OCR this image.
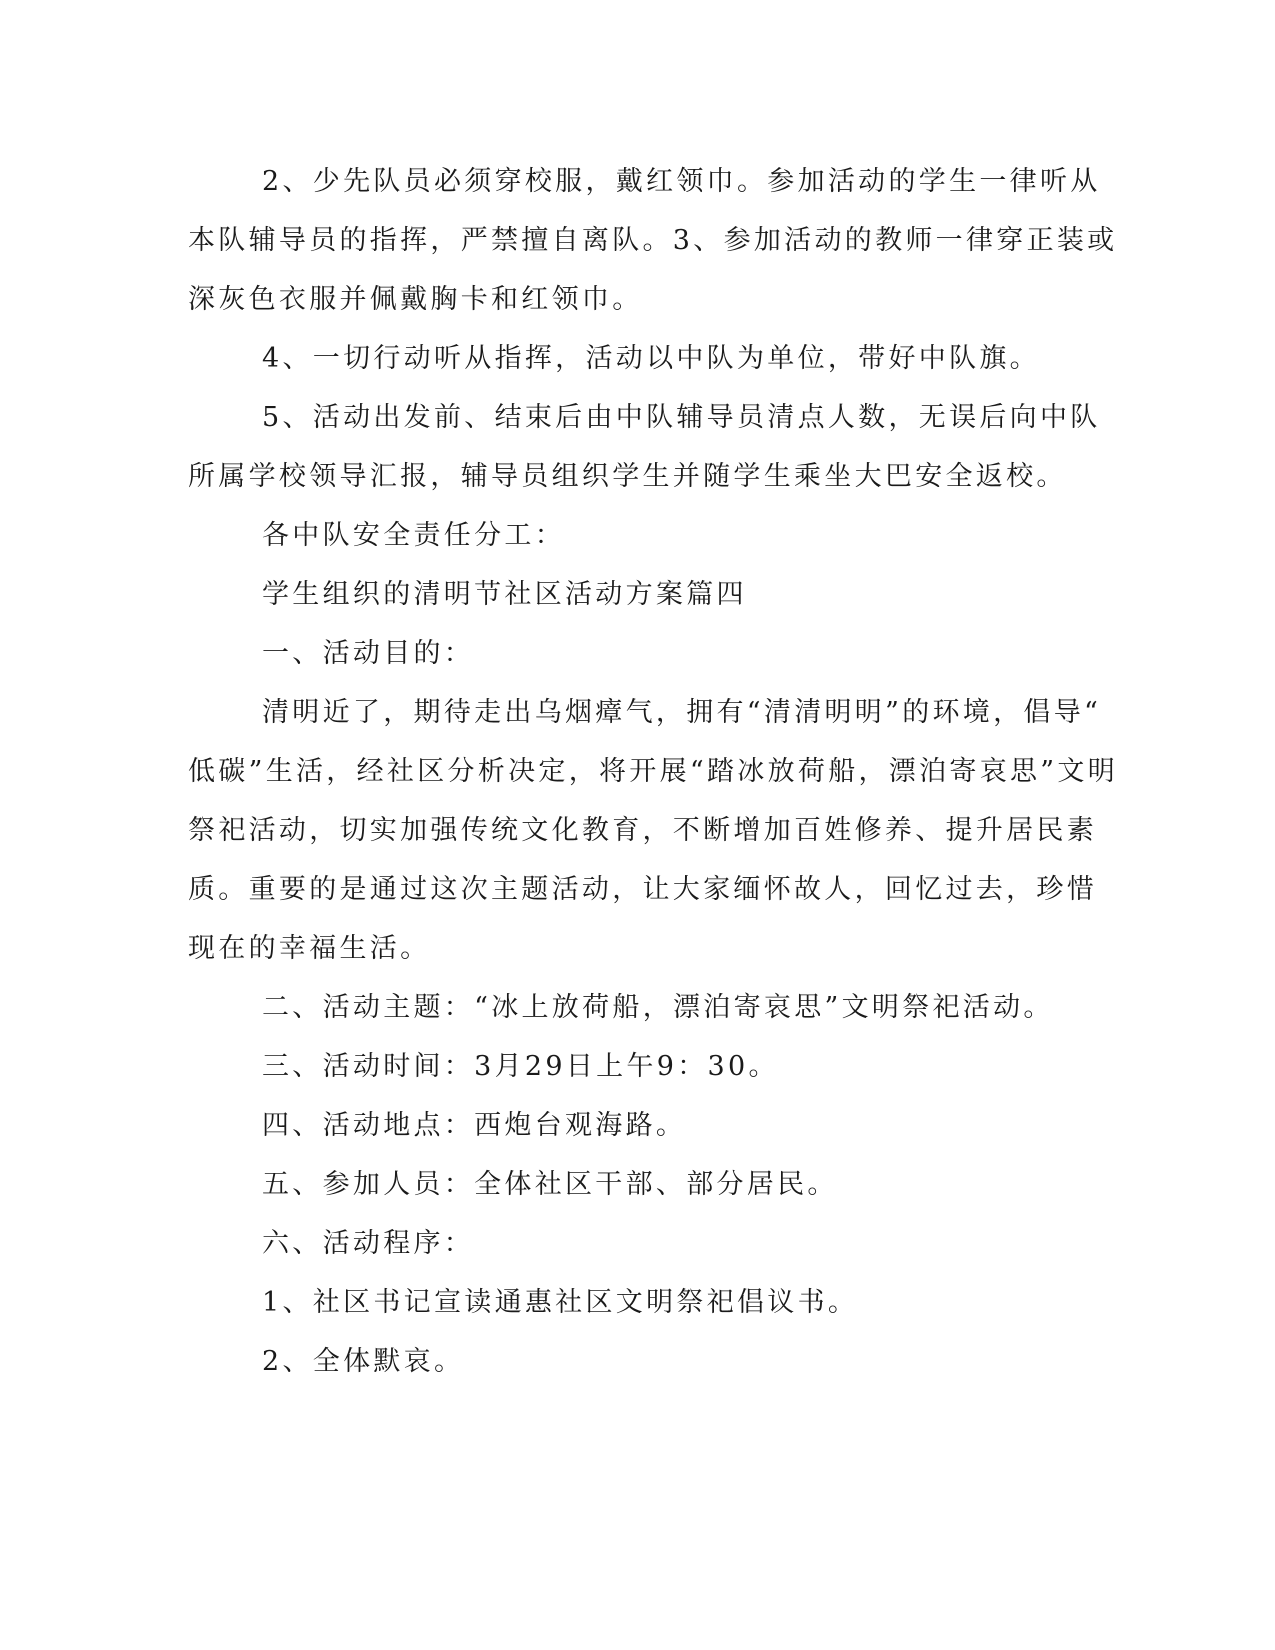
2、少先队员必须穿校服，戴红领巾。参加活动的学生一律听从
本队辅导员的指挥，严禁擅自离队。3、参加活动的教师一律穿正装或
深灰色衣服并佩戴胸卡和红领巾。
4、一切行动听从指挥，活动以中队为单位，带好中队旗。
5、活动出发前、结束后由中队辅导员清点人数，无误后向中队
所属学校领导汇报，辅导员组织学生并随学生乘坐大巴安全返校。
各中队安全责任分工：
学生组织的清明节社区活动方案篇四
一、活动目的：
清明近了，期待走出乌烟瘴气，拥有“清清明明”的环境，倡导“
低碳”生活，经社区分析决定，将开展“踏冰放荷船，漂泊寄哀思”文明
祭祀活动，切实加强传统文化教育，不断增加百姓修养、提升居民素
质。重要的是通过这次主题活动，让大家缅怀故人，回忆过去，珍惜
现在的幸福生活。
二、活动主题：“冰上放荷船，漂泊寄哀思”文明祭祀活动。
三、活动时间：3月29日上午9：30。
四、活动地点：西炮台观海路。
五、参加人员：全体社区干部、部分居民。
六、活动程序：
1、社区书记宣读通惠社区文明祭祀倡议书。
2、全体默哀。
